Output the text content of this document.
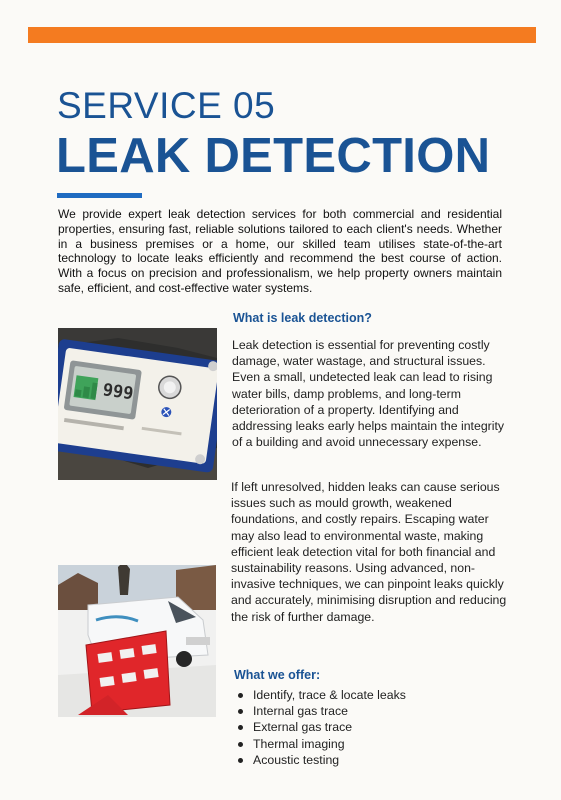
SERVICE 05
LEAK DETECTION

We provide expert leak detection services for both commercial and residential properties, ensuring fast, reliable solutions tailored to each client's needs. Whether in a business premises or a home, our skilled team utilises state-of-the-art technology to locate leaks efficiently and recommend the best course of action. With a focus on precision and professionalism, we help property owners maintain safe, efficient, and cost-effective water systems.

999
What is leak detection?

Leak detection is essential for preventing costly damage, water wastage, and structural issues. Even a small, undetected leak can lead to rising water bills, damp problems, and long-term deterioration of a property. Identifying and addressing leaks early helps maintain the integrity of a building and avoid unnecessary expense.

If left unresolved, hidden leaks can cause serious issues such as mould growth, weakened foundations, and costly repairs. Escaping water may also lead to environmental waste, making efficient leak detection vital for both financial and sustainability reasons. Using advanced, non-invasive techniques, we can pinpoint leaks quickly and accurately, minimising disruption and reducing the risk of further damage.

What we offer:
Identify, trace & locate leaks
Internal gas trace
External gas trace
Thermal imaging
Acoustic testing
